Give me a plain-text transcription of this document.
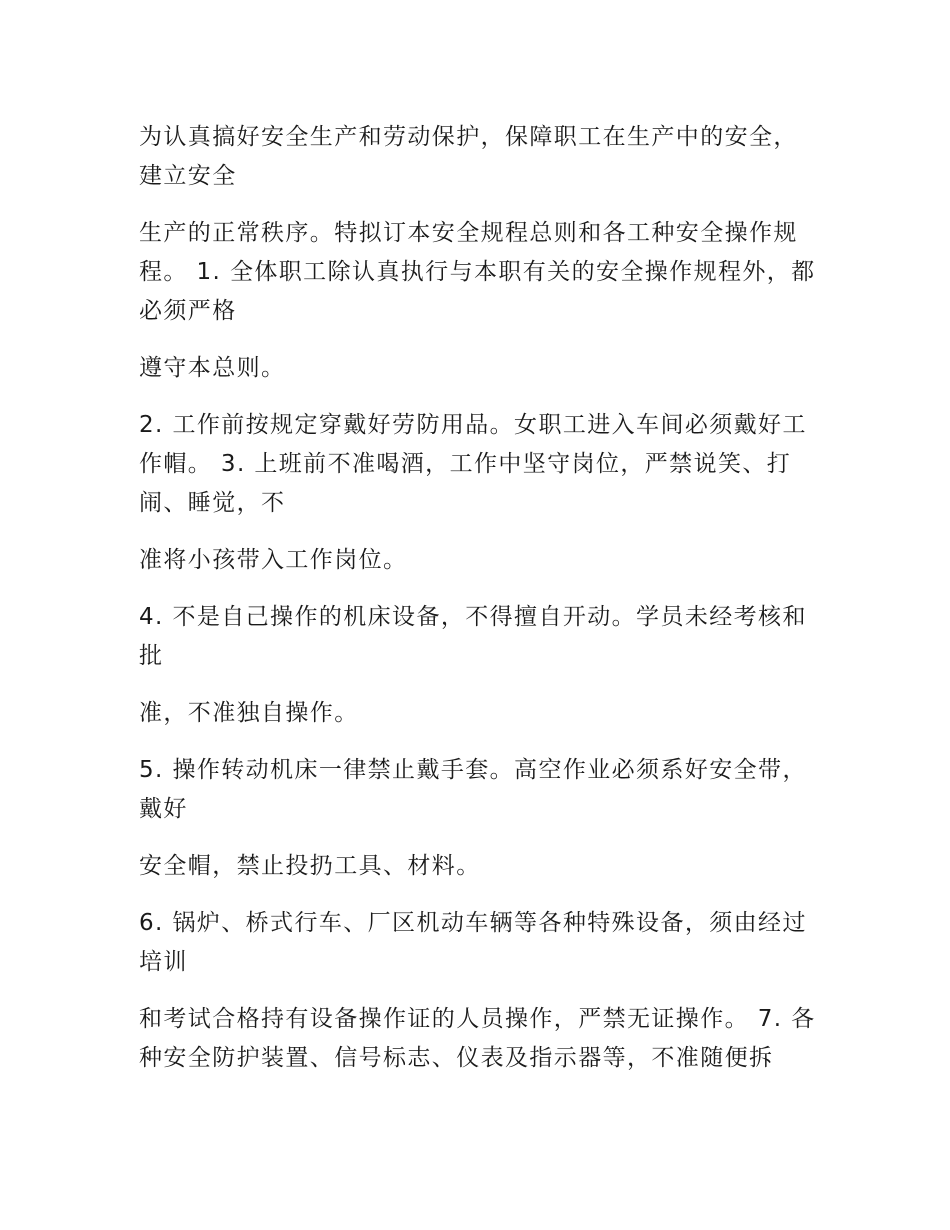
为认真搞好安全生产和劳动保护，保障职工在生产中的安全，建立安全

生产的正常秩序。特拟订本安全规程总则和各工种安全操作规程。 1. 全体职工除认真执行与本职有关的安全操作规程外，都必须严格

遵守本总则。

2. 工作前按规定穿戴好劳防用品。女职工进入车间必须戴好工作帽。 3. 上班前不准喝酒，工作中坚守岗位，严禁说笑、打闹、睡觉，不

准将小孩带入工作岗位。

4. 不是自己操作的机床设备，不得擅自开动。学员未经考核和批

准，不准独自操作。

5. 操作转动机床一律禁止戴手套。高空作业必须系好安全带，戴好

安全帽，禁止投扔工具、材料。

6. 锅炉、桥式行车、厂区机动车辆等各种特殊设备，须由经过培训

和考试合格持有设备操作证的人员操作，严禁无证操作。 7. 各种安全防护装置、信号标志、仪表及指示器等，不准随便拆
